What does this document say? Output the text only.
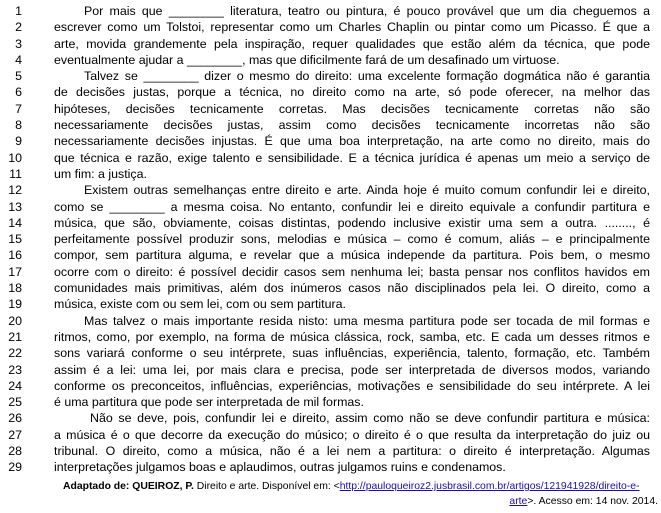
1	Por mais que ________ literatura, teatro ou pintura, é pouco provável que um dia cheguemos a
2	escrever como um Tolstoi, representar como um Charles Chaplin ou pintar como um Picasso. É que a
3	arte, movida grandemente pela inspiração, requer qualidades que estão além da técnica, que pode
4	eventualmente ajudar a ________, mas que dificilmente fará de um desafinado um virtuose.
5	Talvez se ________ dizer o mesmo do direito: uma excelente formação dogmática não é garantia
6	de decisões justas, porque a técnica, no direito como na arte, só pode oferecer, na melhor das
7	hipóteses, decisões tecnicamente corretas. Mas decisões tecnicamente corretas não são
8	necessariamente decisões justas, assim como decisões tecnicamente incorretas não são
9	necessariamente decisões injustas. É que uma boa interpretação, na arte como no direito, mais do
10	que técnica e razão, exige talento e sensibilidade. E a técnica jurídica é apenas um meio a serviço de
11	um fim: a justiça.
12	Existem outras semelhanças entre direito e arte. Ainda hoje é muito comum confundir lei e direito,
13	como se ________ a mesma coisa. No entanto, confundir lei e direito equivale a confundir partitura e
14	música, que são, obviamente, coisas distintas, podendo inclusive existir uma sem a outra. ........, é
15	perfeitamente possível produzir sons, melodias e música – como é comum, aliás – e principalmente
16	compor, sem partitura alguma, e revelar que a música independe da partitura. Pois bem, o mesmo
17	ocorre com o direito: é possível decidir casos sem nenhuma lei; basta pensar nos conflitos havidos em
18	comunidades mais primitivas, além dos inúmeros casos não disciplinados pela lei. O direito, como a
19	música, existe com ou sem lei, com ou sem partitura.
20	Mas talvez o mais importante resida nisto: uma mesma partitura pode ser tocada de mil formas e
21	ritmos, como, por exemplo, na forma de música clássica, rock, samba, etc. E cada um desses ritmos e
22	sons variará conforme o seu intérprete, suas influências, experiência, talento, formação, etc. Também
23	assim é a lei: uma lei, por mais clara e precisa, pode ser interpretada de diversos modos, variando
24	conforme os preconceitos, influências, experiências, motivações e sensibilidade do seu intérprete. A lei
25	é uma partitura que pode ser interpretada de mil formas.
26	Não se deve, pois, confundir lei e direito, assim como não se deve confundir partitura e música:
27	a música é o que decorre da execução do músico; o direito é o que resulta da interpretação do juiz ou
28	tribunal. O direito, como a música, não é a lei nem a partitura: o direito é interpretação. Algumas
29	interpretações julgamos boas e aplaudimos, outras julgamos ruins e condenamos.
Adaptado de: QUEIROZ, P. Direito e arte. Disponível em: <http://pauloqueiroz2.jusbrasil.com.br/artigos/121941928/direito-e-
arte>. Acesso em: 14 nov. 2014.
